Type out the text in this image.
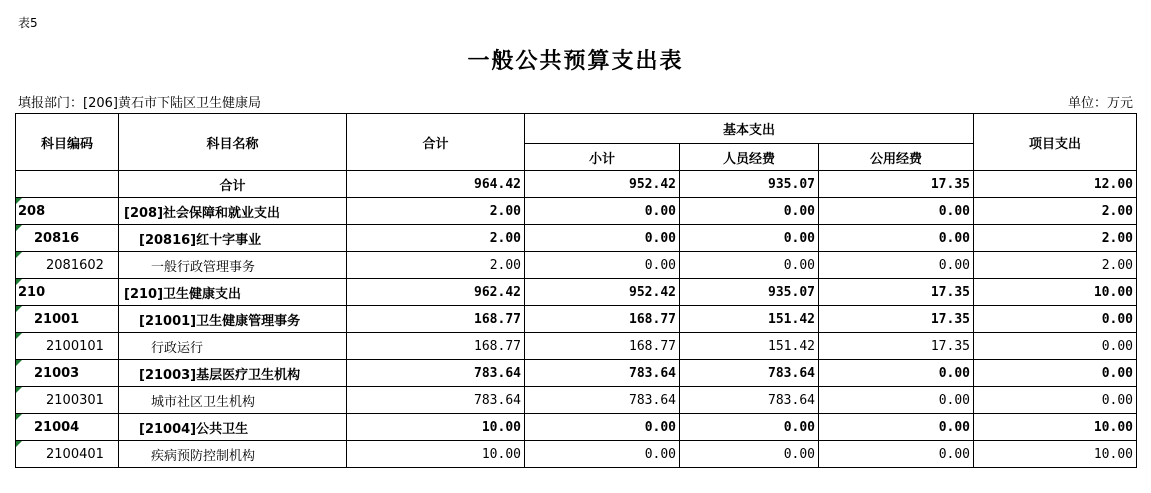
表5
一般公共预算支出表
填报部门：[206]黄石市下陆区卫生健康局	单位：万元
科目编码	科目名称	合计	基本支出			项目支出
			小计	人员经费	公用经费	
	合计	964.42	952.42	935.07	17.35	12.00
208	[208]社会保障和就业支出	2.00	0.00	0.00	0.00	2.00
20816	[20816]红十字事业	2.00	0.00	0.00	0.00	2.00
2081602	一般行政管理事务	2.00	0.00	0.00	0.00	2.00
210	[210]卫生健康支出	962.42	952.42	935.07	17.35	10.00
21001	[21001]卫生健康管理事务	168.77	168.77	151.42	17.35	0.00
2100101	行政运行	168.77	168.77	151.42	17.35	0.00
21003	[21003]基层医疗卫生机构	783.64	783.64	783.64	0.00	0.00
2100301	城市社区卫生机构	783.64	783.64	783.64	0.00	0.00
21004	[21004]公共卫生	10.00	0.00	0.00	0.00	10.00
2100401	疾病预防控制机构	10.00	0.00	0.00	0.00	10.00
